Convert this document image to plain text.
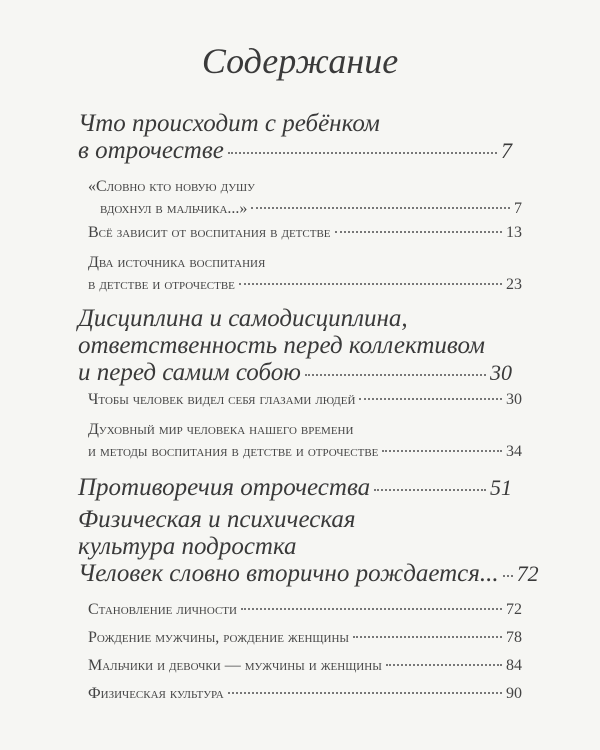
Содержание
Что происходит с ребёнком
в отрочестве	7
«Словно кто новую душу
вдохнул в мальчика...»	7
Всё зависит от воспитания в детстве	13
Два источника воспитания
в детстве и отрочестве	23
Дисциплина и самодисциплина,
ответственность перед коллективом
и перед самим собою	30
Чтобы человек видел себя глазами людей	30
Духовный мир человека нашего времени
и методы воспитания в детстве и отрочестве	34
Противоречия отрочества	51
Физическая и психическая
культура подростка
Человек словно вторично рождается... 72
Становление личности	72
Рождение мужчины, рождение женщины	78
Мальчики и девочки — мужчины и женщины	84
Физическая культура	90
